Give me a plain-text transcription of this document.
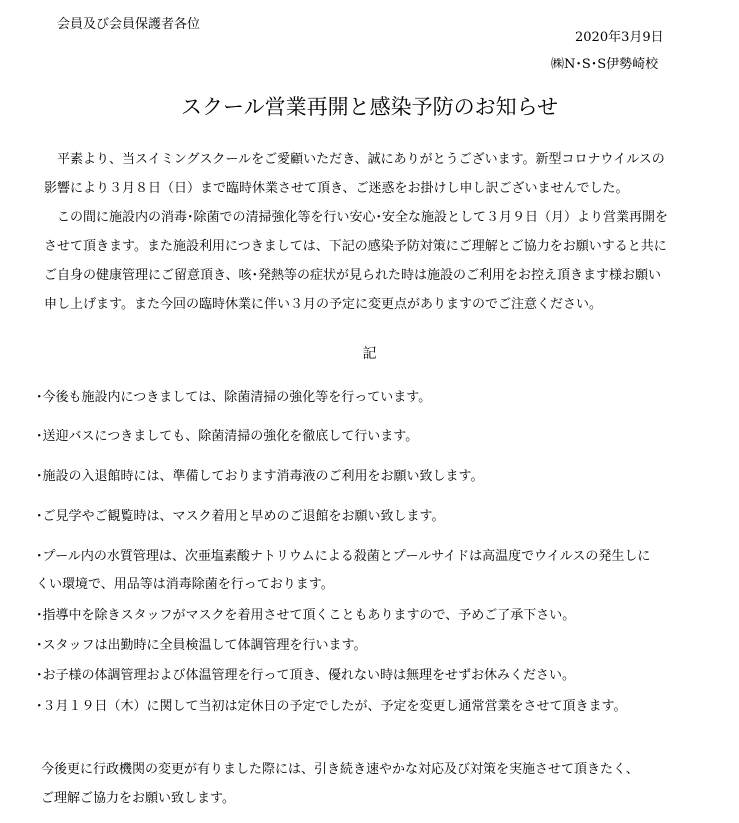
会員及び会員保護者各位
2020年3月9日
㈱N･S･S伊勢崎校
スクール営業再開と感染予防のお知らせ
　平素より、当スイミングスクールをご愛顧いただき、誠にありがとうございます。新型コロナウイルスの
影響により３月８日（日）まで臨時休業させて頂き、ご迷惑をお掛けし申し訳ございませんでした。
　この間に施設内の消毒･除菌での清掃強化等を行い安心･安全な施設として３月９日（月）より営業再開を
させて頂きます。また施設利用につきましては、下記の感染予防対策にご理解とご協力をお願いすると共に
ご自身の健康管理にご留意頂き、咳･発熱等の症状が見られた時は施設のご利用をお控え頂きます様お願い
申し上げます。また今回の臨時休業に伴い３月の予定に変更点がありますのでご注意ください。
記
･今後も施設内につきましては、除菌清掃の強化等を行っています。
･送迎バスにつきましても、除菌清掃の強化を徹底して行います。
･施設の入退館時には、準備しております消毒液のご利用をお願い致します。
･ご見学やご観覧時は、マスク着用と早めのご退館をお願い致します。
･プール内の水質管理は、次亜塩素酸ナトリウムによる殺菌とプールサイドは高温度でウイルスの発生しに
くい環境で、用品等は消毒除菌を行っております。
･指導中を除きスタッフがマスクを着用させて頂くこともありますので、予めご了承下さい。
･スタッフは出勤時に全員検温して体調管理を行います。
･お子様の体調管理および体温管理を行って頂き、優れない時は無理をせずお休みください。
･３月１９日（木）に関して当初は定休日の予定でしたが、予定を変更し通常営業をさせて頂きます。
今後更に行政機関の変更が有りました際には、引き続き速やかな対応及び対策を実施させて頂きたく、
ご理解ご協力をお願い致します。
